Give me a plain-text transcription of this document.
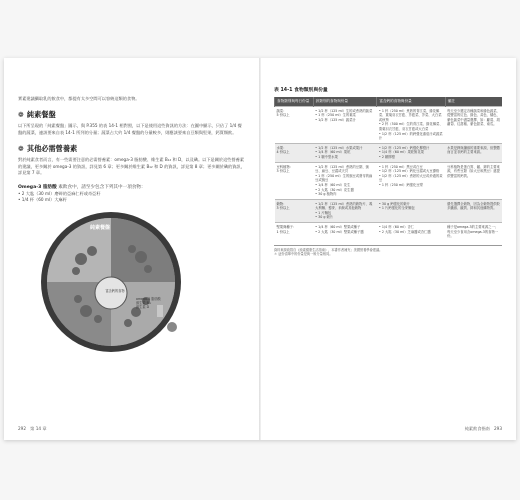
實素建議攝取乳的飲食中，都提有太多空間可以容納這類的食物。
❁ 純素餐盤
以下所呈現的「純素餐盤」圖示，與 P.355 的表 14-1 相對照，以下是使用這些資訊的方法：在圖中顯示，只佔了 1/4 餐盤的蔬菜，連該要來自表 14-1 所列的分量；蔬菜占大約 1/4 餐盤的分量較多，則應該要來自豆類與堅果，鈣質類飲。
❁ 其他必需營養素
對於純素食者而言，有一些需要注意的必需營養素：omega-3 脂肪酸、維生素 B₁₂ 和 D，以及碘。以下是關於這些營養素的建議，更多關於 omega-3 的資訊，詳見第 6 章；更多關於維生素 B₁₂ 和 D 的資訊，詳見第 8 章；更多關於碘的資訊，詳見第 7 章。
Omega-3 脂肪酸 素飲食中，請至少包含下列其中一項食物：
• 2 大匙（30 ml）磨碎的亞麻仁籽或奇亞籽
• 1/4 杯（60 ml）大麻籽
純素餐盤
富含鈣的食物
omega-3 脂肪酸
維生素 B₁₂
維生素 D
292　第 14 章
表 14-1 食物類別與份量
食物類別與每日份量	該類別的食物與份量	富含鈣的食物與份量	備註

蔬菜：
5 份以上	• 1/2 杯（125 ml）生的或煮熟的蔬菜
• 1 杯（250 ml）生的葉菜
• 1/2 杯（125 ml）蔬菜汁	• 1 杯（250 ml）煮熟的青江菜、綠花椰菜、寬葉羽衣甘藍、芥藍菜、芥菜、大白菜或秋葵
• 2 杯（500 ml）生的青江菜、綠花椰菜、寬葉羽衣甘藍、羽衣甘藍或大白菜
• 1/2 杯（125 ml）的鈣強化番茄汁或蔬菜汁	每天至少選定各種蔬菜和綠色蔬菜，從豐富的紅色、綠色、黃色、橘色、紫色蔬菜中盡量選擇，如：蘿蔔、胡蘿蔔、紅甜椒、紫色甜菜、南瓜。

水果：
4 份以上	• 1/2 杯（125 ml）水果或果汁
• 1/4 杯（60 ml）果乾
• 1 顆中型水果	• 1/2 杯（125 ml）鈣強化柳橙汁
• 1/4 杯（60 ml）果乾無花果
• 2 顆柳橙	水果是鉀與纖維的重要來源，但整體而言並非鈣的主要來源。

豆科植物：
3 份以上	• 1/2 杯（125 ml）煮熟的豆類、豌豆、扁豆、豆腐或天貝
• 1 杯（250 ml）生的豌豆或發芽的扁豆或豌豆
• 1/4 杯（60 ml）花生
• 2 大匙（30 ml）花生醬
• 30 g 植物肉	• 1 杯（250 ml）黑豆或白豆
• 1/2 杯（125 ml）鈣化豆腐或大豆優格
• 1/2 杯（125 ml）煮熟的大豆或炒過的黃豆
• 1 杯（250 ml）鈣強化豆漿	豆科植物是蛋白質、鐵、鋅的主要來源，有些豆類（如大豆和黑豆）還提供豐富的鈣質。

穀物：
3 份以上	• 1/2 杯（125 ml）煮熟的穀物片、義大利麵、藜麥、米飯或其他穀物
• 1 片麵包
• 30 g 穀片	• 30 g 鈣強化的穀片
• 1 片鈣強化的全麥麵包	優先選擇全穀物，因為全穀物提供較多纖維、鐵質、鋅和其他礦物質。

堅果與種子：
1 份以上	• 1/4 杯（60 ml）堅果或種子
• 2 大匙（30 ml）堅果或種子醬	• 1/4 杯（60 ml）杏仁
• 2 大匙（30 ml）芝麻醬或杏仁醬	種子是omega-3的主要來源之一；每天至少食用含omega-3的食物一份。
資料來源改寫自《純素健康生活指南》，本書作者補充；美國營養學會建議。
＊ 這份清單中的份量是與一般分量相同。
純素飲食指南　293
